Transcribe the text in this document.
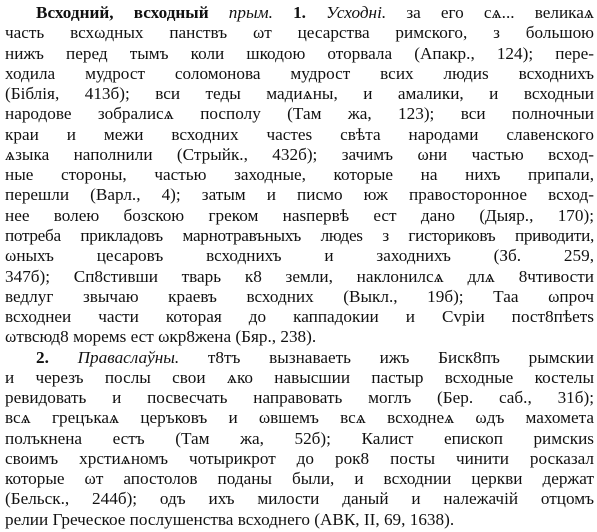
Всходний, всходный прым. 1. Усходні. за его сѧ... великаѧ
часть всхωдных панствъ ωт цесарства римского, з большою
нижъ перед тымъ коли шкодою оторвала (Апакр., 124); пере-
ходила мудрост соломонова мудрост всих людиѕ всходнихъ
(Біблія, 413б); вси теды мадиѧны, и амалики, и всходныи
народове зобралисѧ посполу (Там жа, 123); вси полночныи
краи и межи всходних частеѕ свѣта народами славенского
ѧзыка наполнили (Стрыйк., 432б); зачимъ ωни частью всход-
ные стороны, частью заходные, которые на нихъ припали,
перешли (Варл., 4); затым и писмо юж правосторонное всход-
нее волею бозскою греком наѕпервѣ ест дано (Дыяр., 170);
потреба прикладовъ марнотравъныхъ людеѕ з гисториковъ приводити,
ωныхъ цесаровъ всходнихъ и заходнихъ (Зб. 259,
347б); Сп8стивши тварь к8 земли, наклонилсѧ длѧ 8чтивости
ведлуг звычаю краевъ всходних (Выкл., 19б); Таа ωпроч
всходнеи части которая до каппадокии и Сvріи пост8пѣетѕ
ωтвсюд8 моремѕ ест ωкр8жена (Бяр., 238).
2. Праваслаўны. т8тъ вызнаваеть ижъ Биск8пъ рымскии
и черезъ послы свои ѧко навысшии пастыр всходные костелы
ревидовать и посвесчать направовать моглъ (Бер. саб., 31б);
всѧ грецъкаѧ церъковъ и ωвшемъ всѧ всходнеѧ ωдъ махомета
полъкнена естъ (Там жа, 52б); Калист епископ римскиѕ
своимъ хрстиѧномъ чотырикрот до рок8 посты чинити росказал
которые ωт апостолов поданы были, и всходнии церкви держат
(Бельск., 244б); одъ ихъ милости даный и належачій отцомъ
релии Греческое послушенства всходнего (АВК, II, 69, 1638).
